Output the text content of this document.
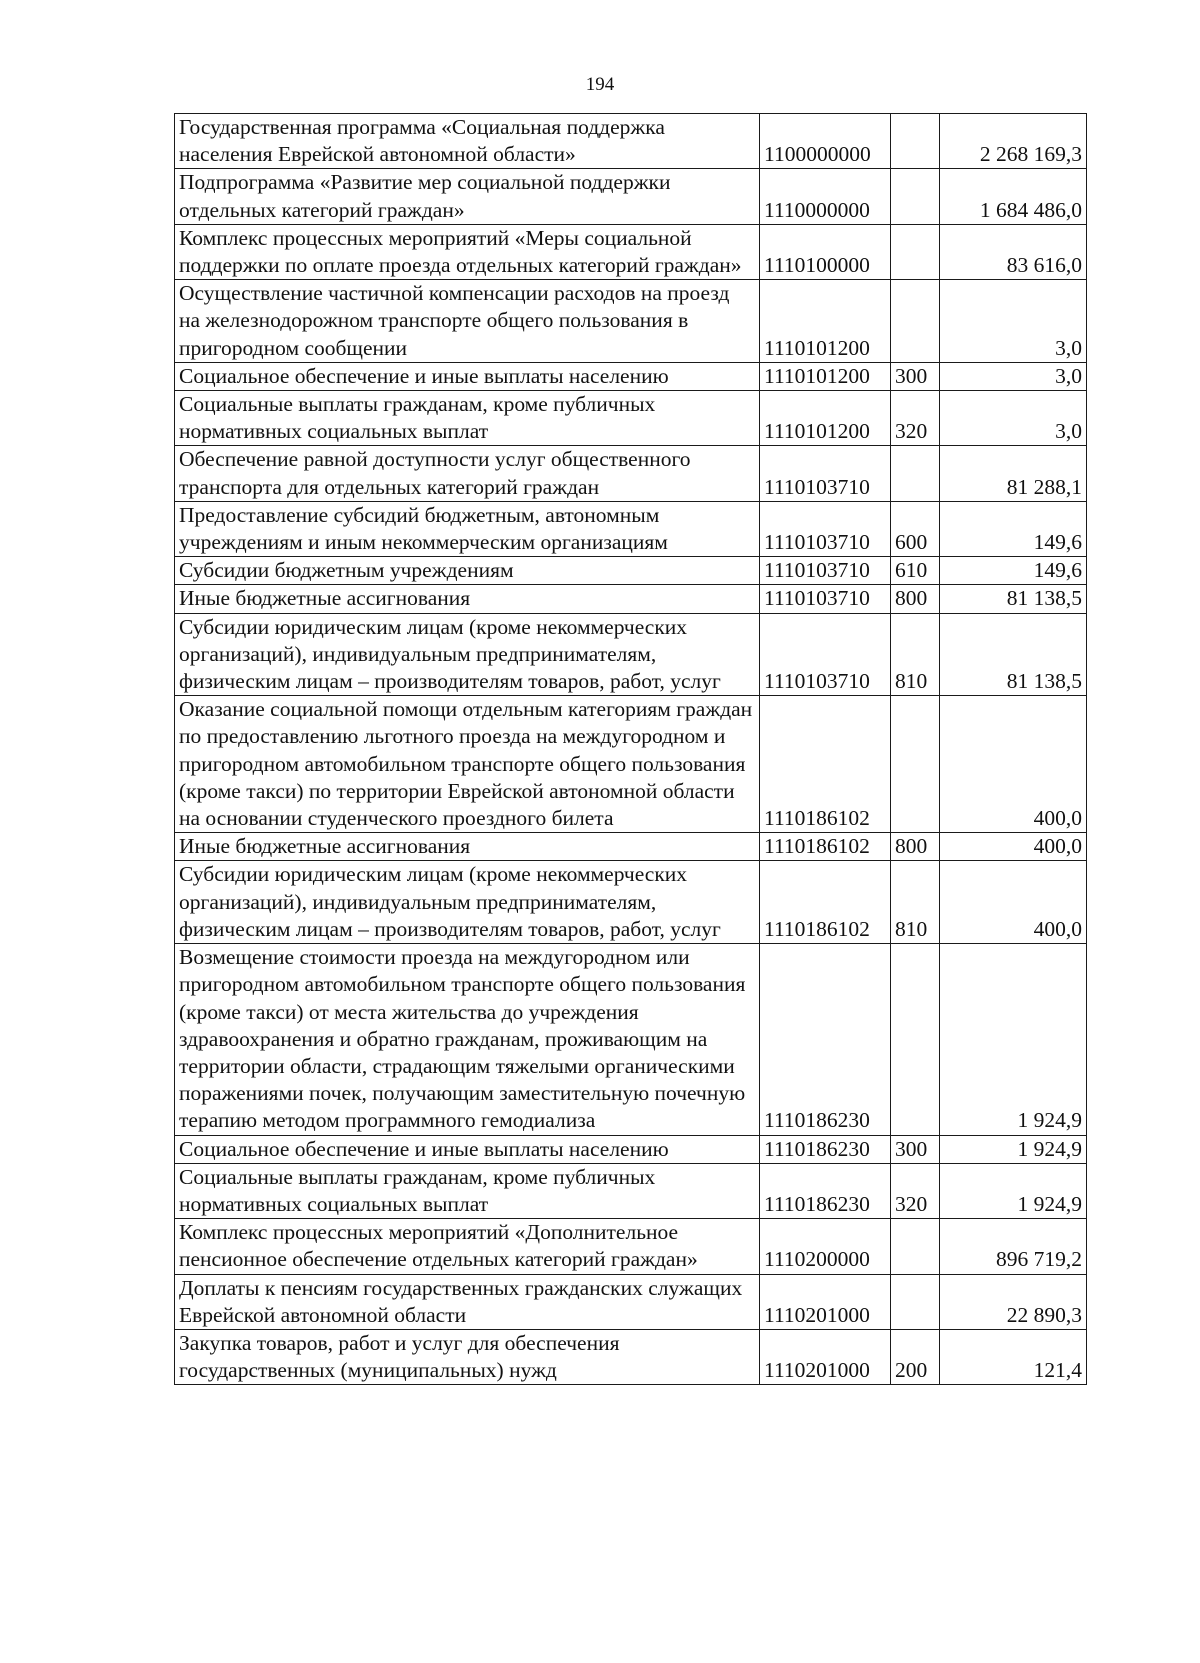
194
Государственная программа «Социальная поддержка населения Еврейской автономной области»	1100000000		2 268 169,3
Подпрограмма «Развитие мер социальной поддержки отдельных категорий граждан»	1110000000		1 684 486,0
Комплекс процессных мероприятий «Меры социальной поддержки по оплате проезда отдельных категорий граждан»	1110100000		83 616,0
Осуществление частичной компенсации расходов на проезд на железнодорожном транспорте общего пользования в пригородном сообщении	1110101200		3,0
Социальное обеспечение и иные выплаты населению	1110101200	300	3,0
Социальные выплаты гражданам, кроме публичных нормативных социальных выплат	1110101200	320	3,0
Обеспечение равной доступности услуг общественного транспорта для отдельных категорий граждан	1110103710		81 288,1
Предоставление субсидий бюджетным, автономным учреждениям и иным некоммерческим организациям	1110103710	600	149,6
Субсидии бюджетным учреждениям	1110103710	610	149,6
Иные бюджетные ассигнования	1110103710	800	81 138,5
Субсидии юридическим лицам (кроме некоммерческих организаций), индивидуальным предпринимателям, физическим лицам – производителям товаров, работ, услуг	1110103710	810	81 138,5
Оказание социальной помощи отдельным категориям граждан по предоставлению льготного проезда на междугородном и пригородном автомобильном транспорте общего пользования (кроме такси) по территории Еврейской автономной области на основании студенческого проездного билета	1110186102		400,0
Иные бюджетные ассигнования	1110186102	800	400,0
Субсидии юридическим лицам (кроме некоммерческих организаций), индивидуальным предпринимателям, физическим лицам – производителям товаров, работ, услуг	1110186102	810	400,0
Возмещение стоимости проезда на междугородном или пригородном автомобильном транспорте общего пользования (кроме такси) от места жительства до учреждения здравоохранения и обратно гражданам, проживающим на территории области, страдающим тяжелыми органическими поражениями почек, получающим заместительную почечную терапию методом программного гемодиализа	1110186230		1 924,9
Социальное обеспечение и иные выплаты населению	1110186230	300	1 924,9
Социальные выплаты гражданам, кроме публичных нормативных социальных выплат	1110186230	320	1 924,9
Комплекс процессных мероприятий «Дополнительное пенсионное обеспечение отдельных категорий граждан»	1110200000		896 719,2
Доплаты к пенсиям государственных гражданских служащих Еврейской автономной области	1110201000		22 890,3
Закупка товаров, работ и услуг для обеспечения государственных (муниципальных) нужд	1110201000	200	121,4
